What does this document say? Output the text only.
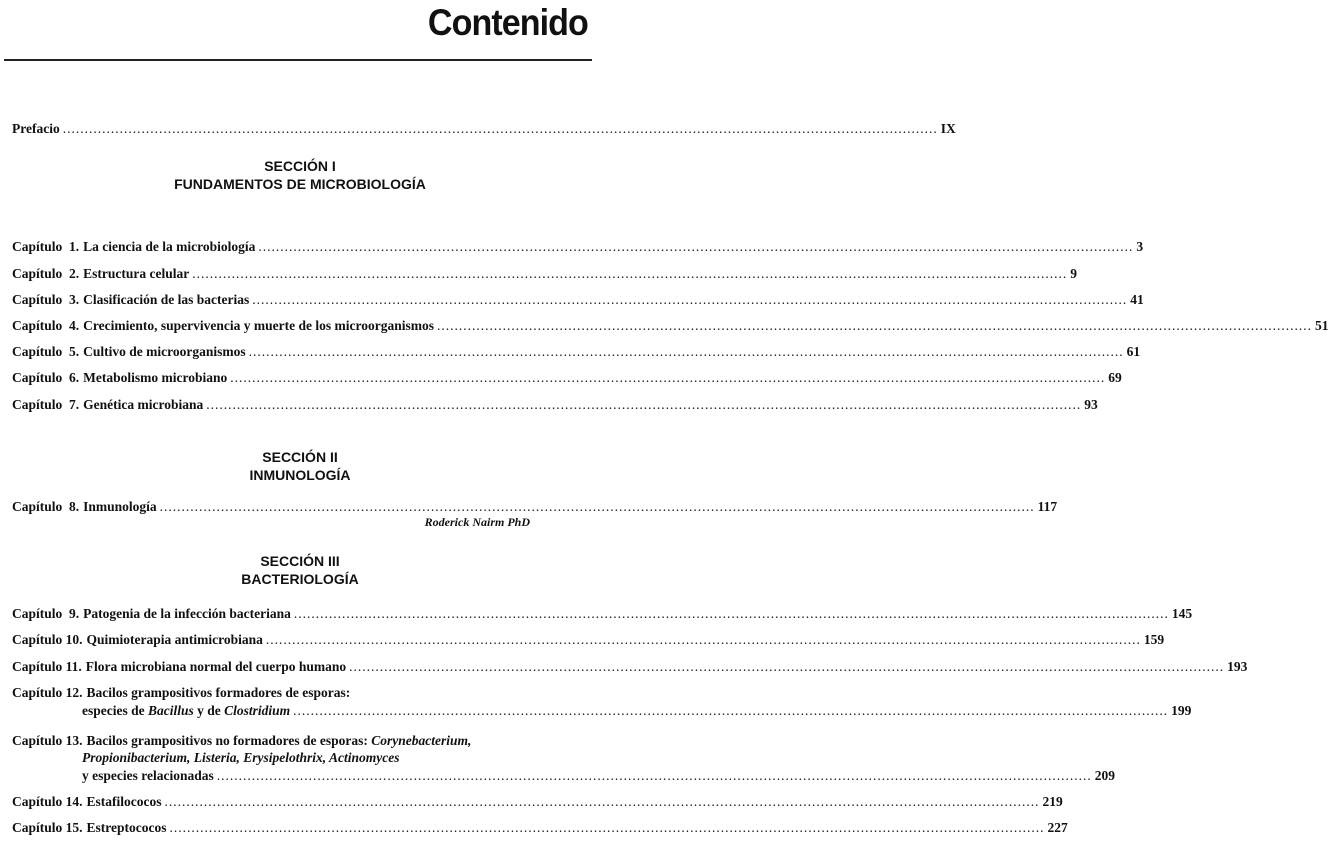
Contenido
Prefacio ........................................................................................................................................................................................................ IX
SECCIÓN I
FUNDAMENTOS DE MICROBIOLOGÍA
SECCIÓN II
INMUNOLOGÍA
Roderick Nairm PhD
SECCIÓN III
BACTERIOLOGÍA
Capítulo  1. La ciencia de la microbiología ........................................................................................................................................................................................................ 3
Capítulo  2. Estructura celular ........................................................................................................................................................................................................ 9
Capítulo  3. Clasificación de las bacterias ........................................................................................................................................................................................................ 41
Capítulo  4. Crecimiento, supervivencia y muerte de los microorganismos ........................................................................................................................................................................................................ 51
Capítulo  5. Cultivo de microorganismos ........................................................................................................................................................................................................ 61
Capítulo  6. Metabolismo microbiano ........................................................................................................................................................................................................ 69
Capítulo  7. Genética microbiana ........................................................................................................................................................................................................ 93
Capítulo  8. Inmunología ........................................................................................................................................................................................................ 117
Capítulo  9. Patogenia de la infección bacteriana ........................................................................................................................................................................................................ 145
Capítulo 10. Quimioterapia antimicrobiana ........................................................................................................................................................................................................ 159
Capítulo 11. Flora microbiana normal del cuerpo humano ........................................................................................................................................................................................................ 193
Capítulo 12. Bacilos grampositivos formadores de esporas:
especies de Bacillus y de Clostridium ........................................................................................................................................................................................................ 199
Capítulo 13. Bacilos grampositivos no formadores de esporas: Corynebacterium,
Propionibacterium, Listeria, Erysipelothrix, Actinomyces
y especies relacionadas ........................................................................................................................................................................................................ 209
Capítulo 14. Estafilococos ........................................................................................................................................................................................................ 219
Capítulo 15. Estreptococos ........................................................................................................................................................................................................ 227
